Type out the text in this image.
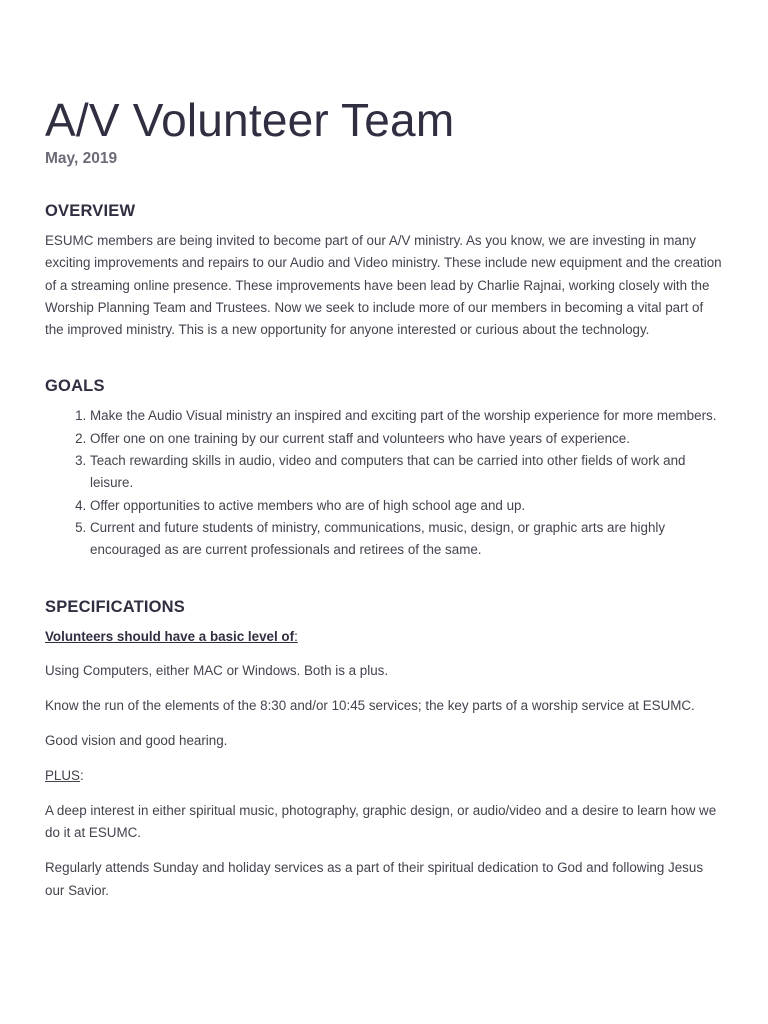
A/V Volunteer Team
May, 2019
OVERVIEW

ESUMC members are being invited to become part of our A/V ministry. As you know, we are investing in many exciting improvements and repairs to our Audio and Video ministry. These include new equipment and the creation of a streaming online presence. These improvements have been lead by Charlie Rajnai, working closely with the Worship Planning Team and Trustees. Now we seek to include more of our members in becoming a vital part of the improved ministry. This is a new opportunity for anyone interested or curious about the technology.

GOALS
1. Make the Audio Visual ministry an inspired and exciting part of the worship experience for more members.
2. Offer one on one training by our current staff and volunteers who have years of experience.
3. Teach rewarding skills in audio, video and computers that can be carried into other fields of work and leisure.
4. Offer opportunities to active members who are of high school age and up.
5. Current and future students of ministry, communications, music, design, or graphic arts are highly encouraged as are current professionals and retirees of the same.
SPECIFICATIONS

Volunteers should have a basic level of:

Using Computers, either MAC or Windows. Both is a plus.

Know the run of the elements of the 8:30 and/or 10:45 services; the key parts of a worship service at ESUMC.

Good vision and good hearing.

PLUS:

A deep interest in either spiritual music, photography, graphic design, or audio/video and a desire to learn how we do it at ESUMC.

Regularly attends Sunday and holiday services as a part of their spiritual dedication to God and following Jesus our Savior.
